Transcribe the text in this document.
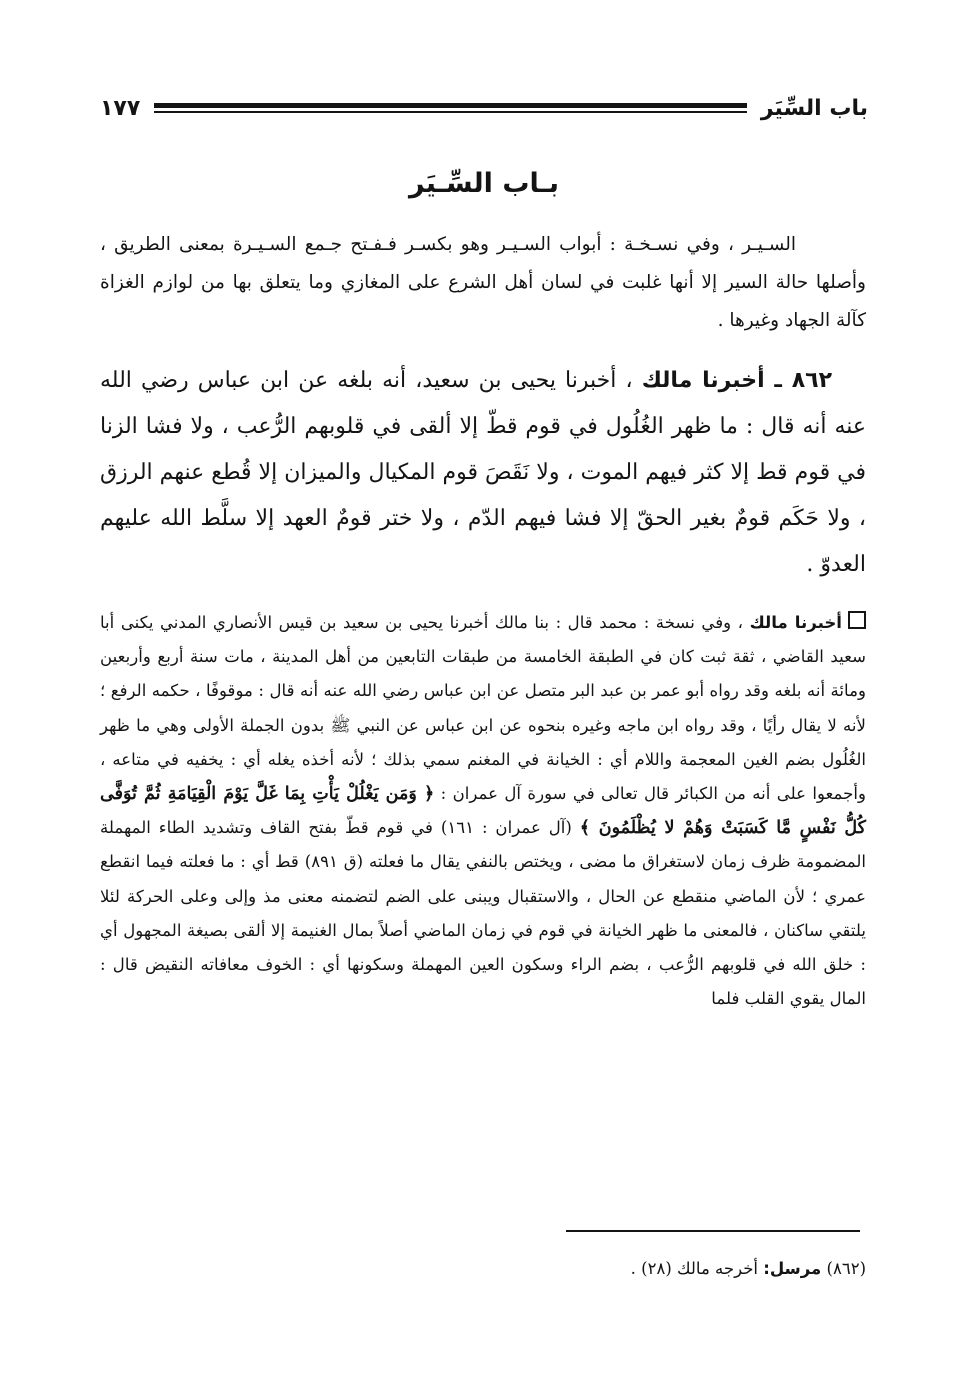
باب السِّيَر
١٧٧
بـاب السِّـيَر

السـيـر ، وفي نسـخـة : أبواب السـيـر وهو بكسـر فـفـتح جـمع السـيـرة بمعنى الطريق ، وأصلها حالة السير إلا أنها غلبت في لسان أهل الشرع على المغازي وما يتعلق بها من لوازم الغزاة كآلة الجهاد وغيرها .

٨٦٢ ـ أخبرنا مالك ، أخبرنا يحيى بن سعيد، أنه بلغه عن ابن عباس رضي الله عنه أنه قال : ما ظهر الغُلُول في قوم قطّ إلا ألقى في قلوبهم الرُّعب ، ولا فشا الزنا في قوم قط إلا كثر فيهم الموت ، ولا نَقَصَ قوم المكيال والميزان إلا قُطع عنهم الرزق ، ولا حَكَم قومٌ بغير الحقّ إلا فشا فيهم الدّم ، ولا ختر قومٌ العهد إلا سلَّط الله عليهم العدوّ .

أخبرنا مالك ، وفي نسخة : محمد قال : بنا مالك أخبرنا يحيى بن سعيد بن قيس الأنصاري المدني يكنى أبا سعيد القاضي ، ثقة ثبت كان في الطبقة الخامسة من طبقات التابعين من أهل المدينة ، مات سنة أربع وأربعين ومائة أنه بلغه وقد رواه أبو عمر بن عبد البر متصل عن ابن عباس رضي الله عنه أنه قال : موقوفًا ، حكمه الرفع ؛ لأنه لا يقال رأيًا ، وقد رواه ابن ماجه وغيره بنحوه عن ابن عباس عن النبي ﷺ بدون الجملة الأولى وهي ما ظهر الغُلُول بضم الغين المعجمة واللام أي : الخيانة في المغنم سمي بذلك ؛ لأنه أخذه يغله أي : يخفيه في متاعه ، وأجمعوا على أنه من الكبائر قال تعالى في سورة آل عمران : ﴿ وَمَن يَغْلُلْ يَأْتِ بِمَا غَلَّ يَوْمَ الْقِيَامَةِ ثُمَّ تُوَفَّى كُلُّ نَفْسٍ مَّا كَسَبَتْ وَهُمْ لا يُظْلَمُونَ ﴾ (آل عمران : ١٦١) في قوم قطّ بفتح القاف وتشديد الطاء المهملة المضمومة ظرف زمان لاستغراق ما مضى ، ويختص بالنفي يقال ما فعلته (ق ٨٩١) قط أي : ما فعلته فيما انقطع عمري ؛ لأن الماضي منقطع عن الحال ، والاستقبال ويبنى على الضم لتضمنه معنى مذ وإلى وعلى الحركة لئلا يلتقي ساكنان ، فالمعنى ما ظهر الخيانة في قوم في زمان الماضي أصلاً بمال الغنيمة إلا ألقى بصيغة المجهول أي : خلق الله في قلوبهم الرُّعب ، بضم الراء وسكون العين المهملة وسكونها أي : الخوف معافاته النقيض قال : المال يقوي القلب فلما

(٨٦٢) مرسل: أخرجه مالك (٢٨) .
